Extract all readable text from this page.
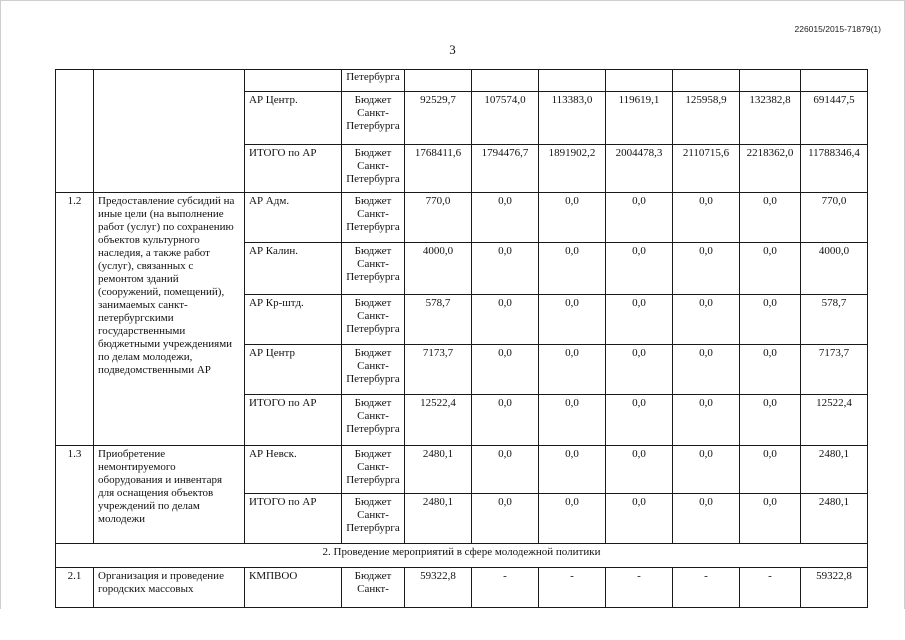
226015/2015-71879(1)
3
			Петербурга							
		АР Центр.	Бюджет Санкт-Петербурга	92529,7	107574,0	113383,0	119619,1	125958,9	132382,8	691447,5
		ИТОГО по АР	Бюджет Санкт-Петербурга	1768411,6	1794476,7	1891902,2	2004478,3	2110715,6	2218362,0	11788346,4
1.2	Предоставление субсидий на иные цели (на выполнение работ (услуг) по сохранению объектов культурного наследия, а также работ (услуг), связанных с ремонтом зданий (сооружений, помещений), занимаемых санкт-петербургскими государственными бюджетными учреждениями по делам молодежи, подведомственными АР	АР Адм.	Бюджет Санкт-Петербурга	770,0	0,0	0,0	0,0	0,0	0,0	770,0
		АР Калин.	Бюджет Санкт-Петербурга	4000,0	0,0	0,0	0,0	0,0	0,0	4000,0
		АР Кр-штд.	Бюджет Санкт-Петербурга	578,7	0,0	0,0	0,0	0,0	0,0	578,7
		АР Центр	Бюджет Санкт-Петербурга	7173,7	0,0	0,0	0,0	0,0	0,0	7173,7
		ИТОГО по АР	Бюджет Санкт-Петербурга	12522,4	0,0	0,0	0,0	0,0	0,0	12522,4
1.3	Приобретение немонтируемого оборудования и инвентаря для оснащения объектов учреждений по делам молодежи	АР Невск.	Бюджет Санкт-Петербурга	2480,1	0,0	0,0	0,0	0,0	0,0	2480,1
		ИТОГО по АР	Бюджет Санкт-Петербурга	2480,1	0,0	0,0	0,0	0,0	0,0	2480,1
2. Проведение мероприятий в сфере молодежной политики										
2.1	Организация и проведение городских массовых	КМПВОО	Бюджет Санкт-	59322,8	-	-	-	-	-	59322,8
